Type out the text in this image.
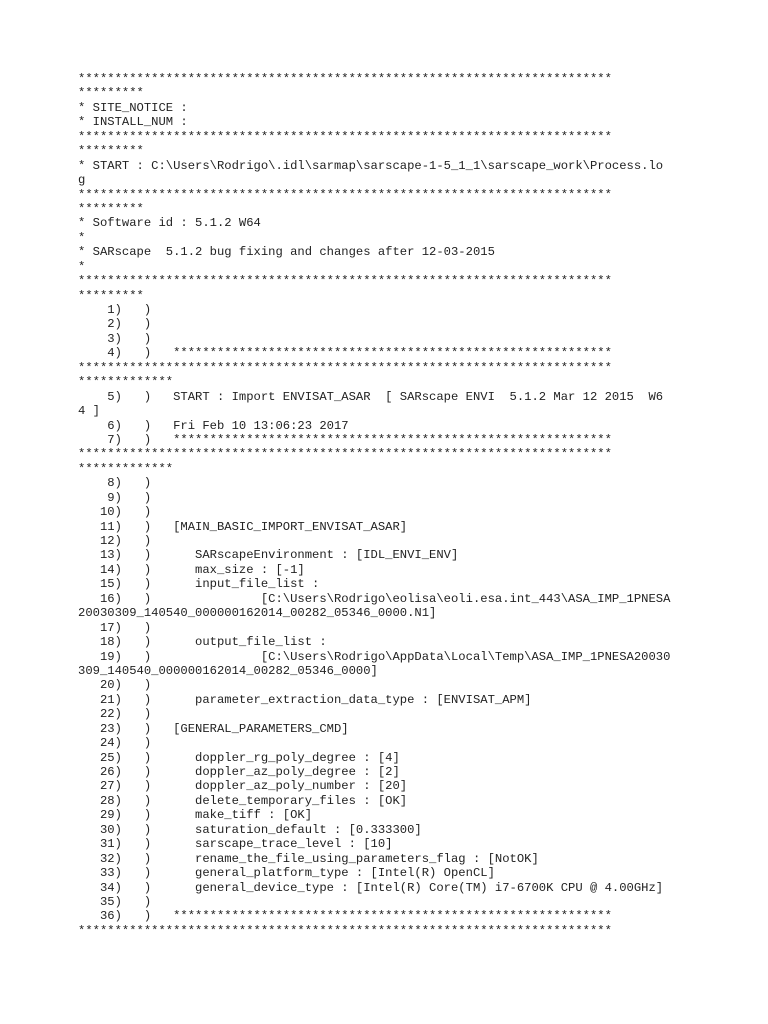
*************************************************************************
*********
* SITE_NOTICE :
* INSTALL_NUM :
*************************************************************************
*********
* START : C:\Users\Rodrigo\.idl\sarmap\sarscape-1-5_1_1\sarscape_work\Process.lo
g
*************************************************************************
*********
* Software id : 5.1.2 W64
*
* SARscape  5.1.2 bug fixing and changes after 12-03-2015
*
*************************************************************************
*********
1)   )
2)   )
3)   )
4)   )   ************************************************************
*************************************************************************
*************
5)   )   START : Import ENVISAT_ASAR  [ SARscape ENVI  5.1.2 Mar 12 2015  W6
4 ]
6)   )   Fri Feb 10 13:06:23 2017
7)   )   ************************************************************
*************************************************************************
*************
8)   )
9)   )
10)   )
11)   )   [MAIN_BASIC_IMPORT_ENVISAT_ASAR]
12)   )
13)   )      SARscapeEnvironment : [IDL_ENVI_ENV]
14)   )      max_size : [-1]
15)   )      input_file_list :
16)   )               [C:\Users\Rodrigo\eolisa\eoli.esa.int_443\ASA_IMP_1PNESA
20030309_140540_000000162014_00282_05346_0000.N1]
17)   )
18)   )      output_file_list :
19)   )               [C:\Users\Rodrigo\AppData\Local\Temp\ASA_IMP_1PNESA20030
309_140540_000000162014_00282_05346_0000]
20)   )
21)   )      parameter_extraction_data_type : [ENVISAT_APM]
22)   )
23)   )   [GENERAL_PARAMETERS_CMD]
24)   )
25)   )      doppler_rg_poly_degree : [4]
26)   )      doppler_az_poly_degree : [2]
27)   )      doppler_az_poly_number : [20]
28)   )      delete_temporary_files : [OK]
29)   )      make_tiff : [OK]
30)   )      saturation_default : [0.333300]
31)   )      sarscape_trace_level : [10]
32)   )      rename_the_file_using_parameters_flag : [NotOK]
33)   )      general_platform_type : [Intel(R) OpenCL]
34)   )      general_device_type : [Intel(R) Core(TM) i7-6700K CPU @ 4.00GHz]
35)   )
36)   )   ************************************************************
*************************************************************************
